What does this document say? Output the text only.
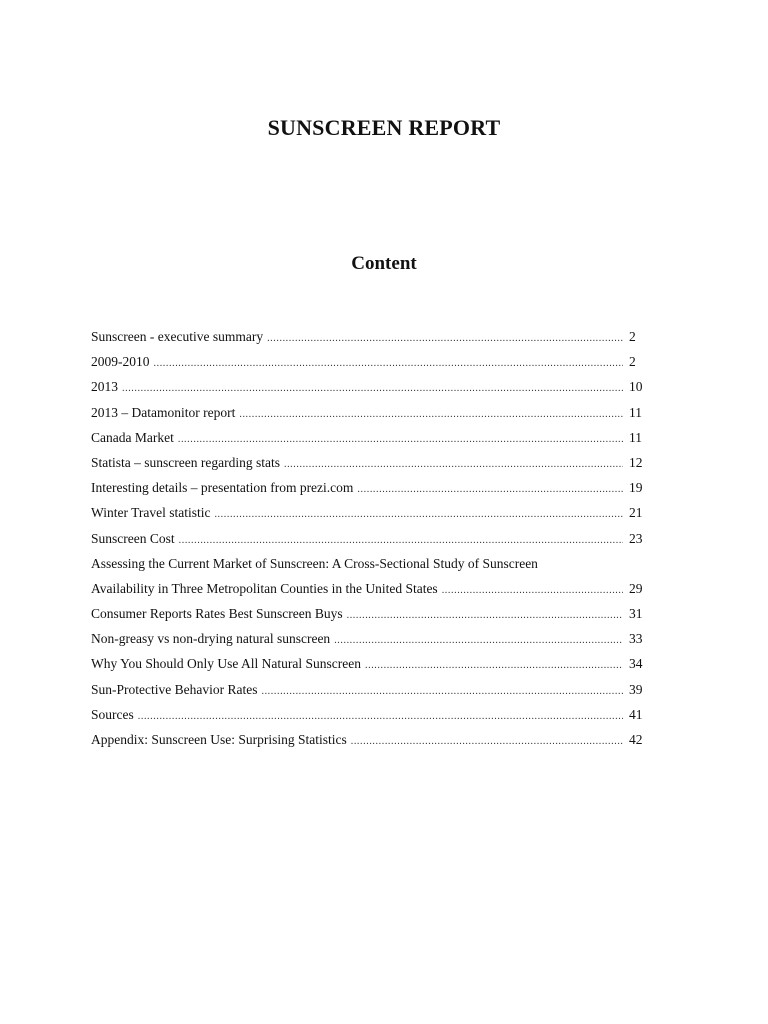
SUNSCREEN REPORT
Content
Sunscreen - executive summary .....	2
2009-2010 .....	2
2013 .....	10
2013 – Datamonitor report .....	11
Canada Market .....	11
Statista – sunscreen regarding stats .....	12
Interesting details – presentation from prezi.com .....	19
Winter Travel statistic .....	21
Sunscreen Cost .....	23
Assessing the Current Market of Sunscreen: A Cross-Sectional Study of Sunscreen
Availability in Three Metropolitan Counties in the United States .....	29
Consumer Reports Rates Best Sunscreen Buys .....	31
Non-greasy vs non-drying natural sunscreen .....	33
Why You Should Only Use All Natural Sunscreen .....	34
Sun-Protective Behavior Rates .....	39
Sources .....	41
Appendix: Sunscreen Use: Surprising Statistics .....	42
